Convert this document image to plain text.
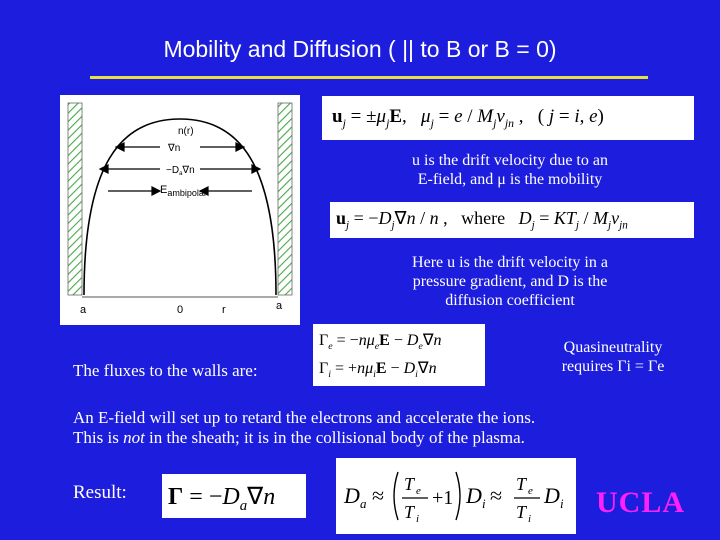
Mobility and Diffusion ( || to B or B = 0)
n(r)
∇n
$-D_a\nabla n$
$E_{ambipolar}$
a	0	r	a
$u_j = \pm\mu_jE$,   $\mu_j = e / M_j\nu_{jn}$ ,   ( j = i, e)
u is the drift velocity due to an
E-field, and μ is the mobility
$u_j = -D_j\nabla n / n$ ,   where   $D_j = KT_j / M_j\nu_{jn}$
Here u is the drift velocity in a
pressure gradient, and D is the
diffusion coefficient
The fluxes to the walls are:
$\Gamma_e = -n\mu_eE - D_e\nabla n$
$\Gamma_i = +n\mu_iE - D_i\nabla n$
Quasineutrality
requires Γi = Γe
An E-field will set up to retard the electrons and accelerate the ions.
This is not in the sheath; it is in the collisional body of the plasma.
Result: $\Gamma = -D_a\nabla n$	D a ≈ T e
T i
+1 D i ≈ T e
T i
D i UCLA
